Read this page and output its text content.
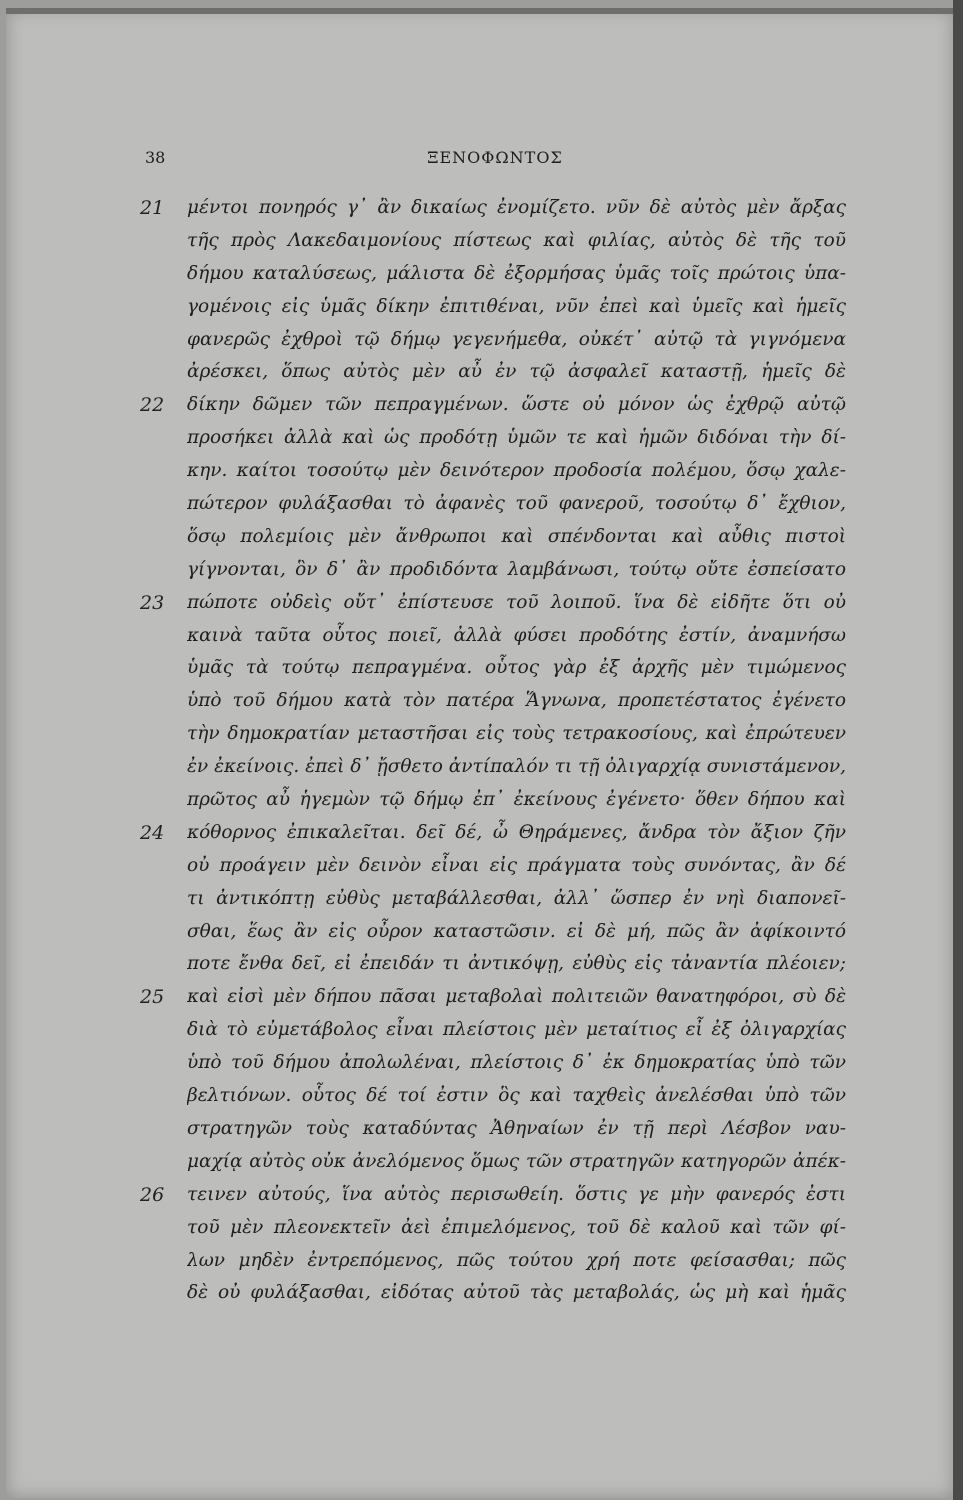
38	ΞΕΝΟΦΩΝΤΟΣ
21	μέντοι πονηρός γ᾽ ἂν δικαίως ἐνομίζετο. νῦν δὲ αὐτὸς μὲν ἄρξας
τῆς πρὸς Λακεδαιμονίους πίστεως καὶ φιλίας, αὐτὸς δὲ τῆς τοῦ
δήμου καταλύσεως, μάλιστα δὲ ἐξορμήσας ὑμᾶς τοῖς πρώτοις ὑπα-
γομένοις εἰς ὑμᾶς δίκην ἐπιτιθέναι, νῦν ἐπεὶ καὶ ὑμεῖς καὶ ἡμεῖς
φανερῶς ἐχθροὶ τῷ δήμῳ γεγενήμεθα, οὐκέτ᾽ αὐτῷ τὰ γιγνόμενα
ἀρέσκει, ὅπως αὐτὸς μὲν αὖ ἐν τῷ ἀσφαλεῖ καταστῇ, ἡμεῖς δὲ
22	δίκην δῶμεν τῶν πεπραγμένων. ὥστε οὐ μόνον ὡς ἐχθρῷ αὐτῷ
προσήκει ἀλλὰ καὶ ὡς προδότῃ ὑμῶν τε καὶ ἡμῶν διδόναι τὴν δί-
κην. καίτοι τοσούτῳ μὲν δεινότερον προδοσία πολέμου, ὅσῳ χαλε-
πώτερον φυλάξασθαι τὸ ἀφανὲς τοῦ φανεροῦ, τοσούτῳ δ᾽ ἔχθιον,
ὅσῳ πολεμίοις μὲν ἄνθρωποι καὶ σπένδονται καὶ αὖθις πιστοὶ
γίγνονται, ὃν δ᾽ ἂν προδιδόντα λαμβάνωσι, τούτῳ οὔτε ἐσπείσατο
23	πώποτε οὐδεὶς οὔτ᾽ ἐπίστευσε τοῦ λοιποῦ. ἵνα δὲ εἰδῆτε ὅτι οὐ
καινὰ ταῦτα οὗτος ποιεῖ, ἀλλὰ φύσει προδότης ἐστίν, ἀναμνήσω
ὑμᾶς τὰ τούτῳ πεπραγμένα. οὗτος γὰρ ἐξ ἀρχῆς μὲν τιμώμενος
ὑπὸ τοῦ δήμου κατὰ τὸν πατέρα Ἅγνωνα, προπετέστατος ἐγένετο
τὴν δημοκρατίαν μεταστῆσαι εἰς τοὺς τετρακοσίους, καὶ ἐπρώτευεν
ἐν ἐκείνοις. ἐπεὶ δ᾽ ᾔσθετο ἀντίπαλόν τι τῇ ὀλιγαρχίᾳ συνιστάμενον,
πρῶτος αὖ ἡγεμὼν τῷ δήμῳ ἐπ᾽ ἐκείνους ἐγένετο· ὅθεν δήπου καὶ
24	κόθορνος ἐπικαλεῖται. δεῖ δέ, ὦ Θηράμενες, ἄνδρα τὸν ἄξιον ζῆν
οὐ προάγειν μὲν δεινὸν εἶναι εἰς πράγματα τοὺς συνόντας, ἂν δέ
τι ἀντικόπτῃ εὐθὺς μεταβάλλεσθαι, ἀλλ᾽ ὥσπερ ἐν νηὶ διαπονεῖ-
σθαι, ἕως ἂν εἰς οὖρον καταστῶσιν. εἰ δὲ μή, πῶς ἂν ἀφίκοιντό
ποτε ἔνθα δεῖ, εἰ ἐπειδάν τι ἀντικόψῃ, εὐθὺς εἰς τἀναντία πλέοιεν;
25	καὶ εἰσὶ μὲν δήπου πᾶσαι μεταβολαὶ πολιτειῶν θανατηφόροι, σὺ δὲ
διὰ τὸ εὐμετάβολος εἶναι πλείστοις μὲν μεταίτιος εἶ ἐξ ὀλιγαρχίας
ὑπὸ τοῦ δήμου ἀπολωλέναι, πλείστοις δ᾽ ἐκ δημοκρατίας ὑπὸ τῶν
βελτιόνων. οὗτος δέ τοί ἐστιν ὃς καὶ ταχθεὶς ἀνελέσθαι ὑπὸ τῶν
στρατηγῶν τοὺς καταδύντας Ἀθηναίων ἐν τῇ περὶ Λέσβον ναυ-
μαχίᾳ αὐτὸς οὐκ ἀνελόμενος ὅμως τῶν στρατηγῶν κατηγορῶν ἀπέκ-
26	τεινεν αὐτούς, ἵνα αὐτὸς περισωθείη. ὅστις γε μὴν φανερός ἐστι
τοῦ μὲν πλεονεκτεῖν ἀεὶ ἐπιμελόμενος, τοῦ δὲ καλοῦ καὶ τῶν φί-
λων μηδὲν ἐντρεπόμενος, πῶς τούτου χρή ποτε φείσασθαι; πῶς
δὲ οὐ φυλάξασθαι, εἰδότας αὐτοῦ τὰς μεταβολάς, ὡς μὴ καὶ ἡμᾶς
